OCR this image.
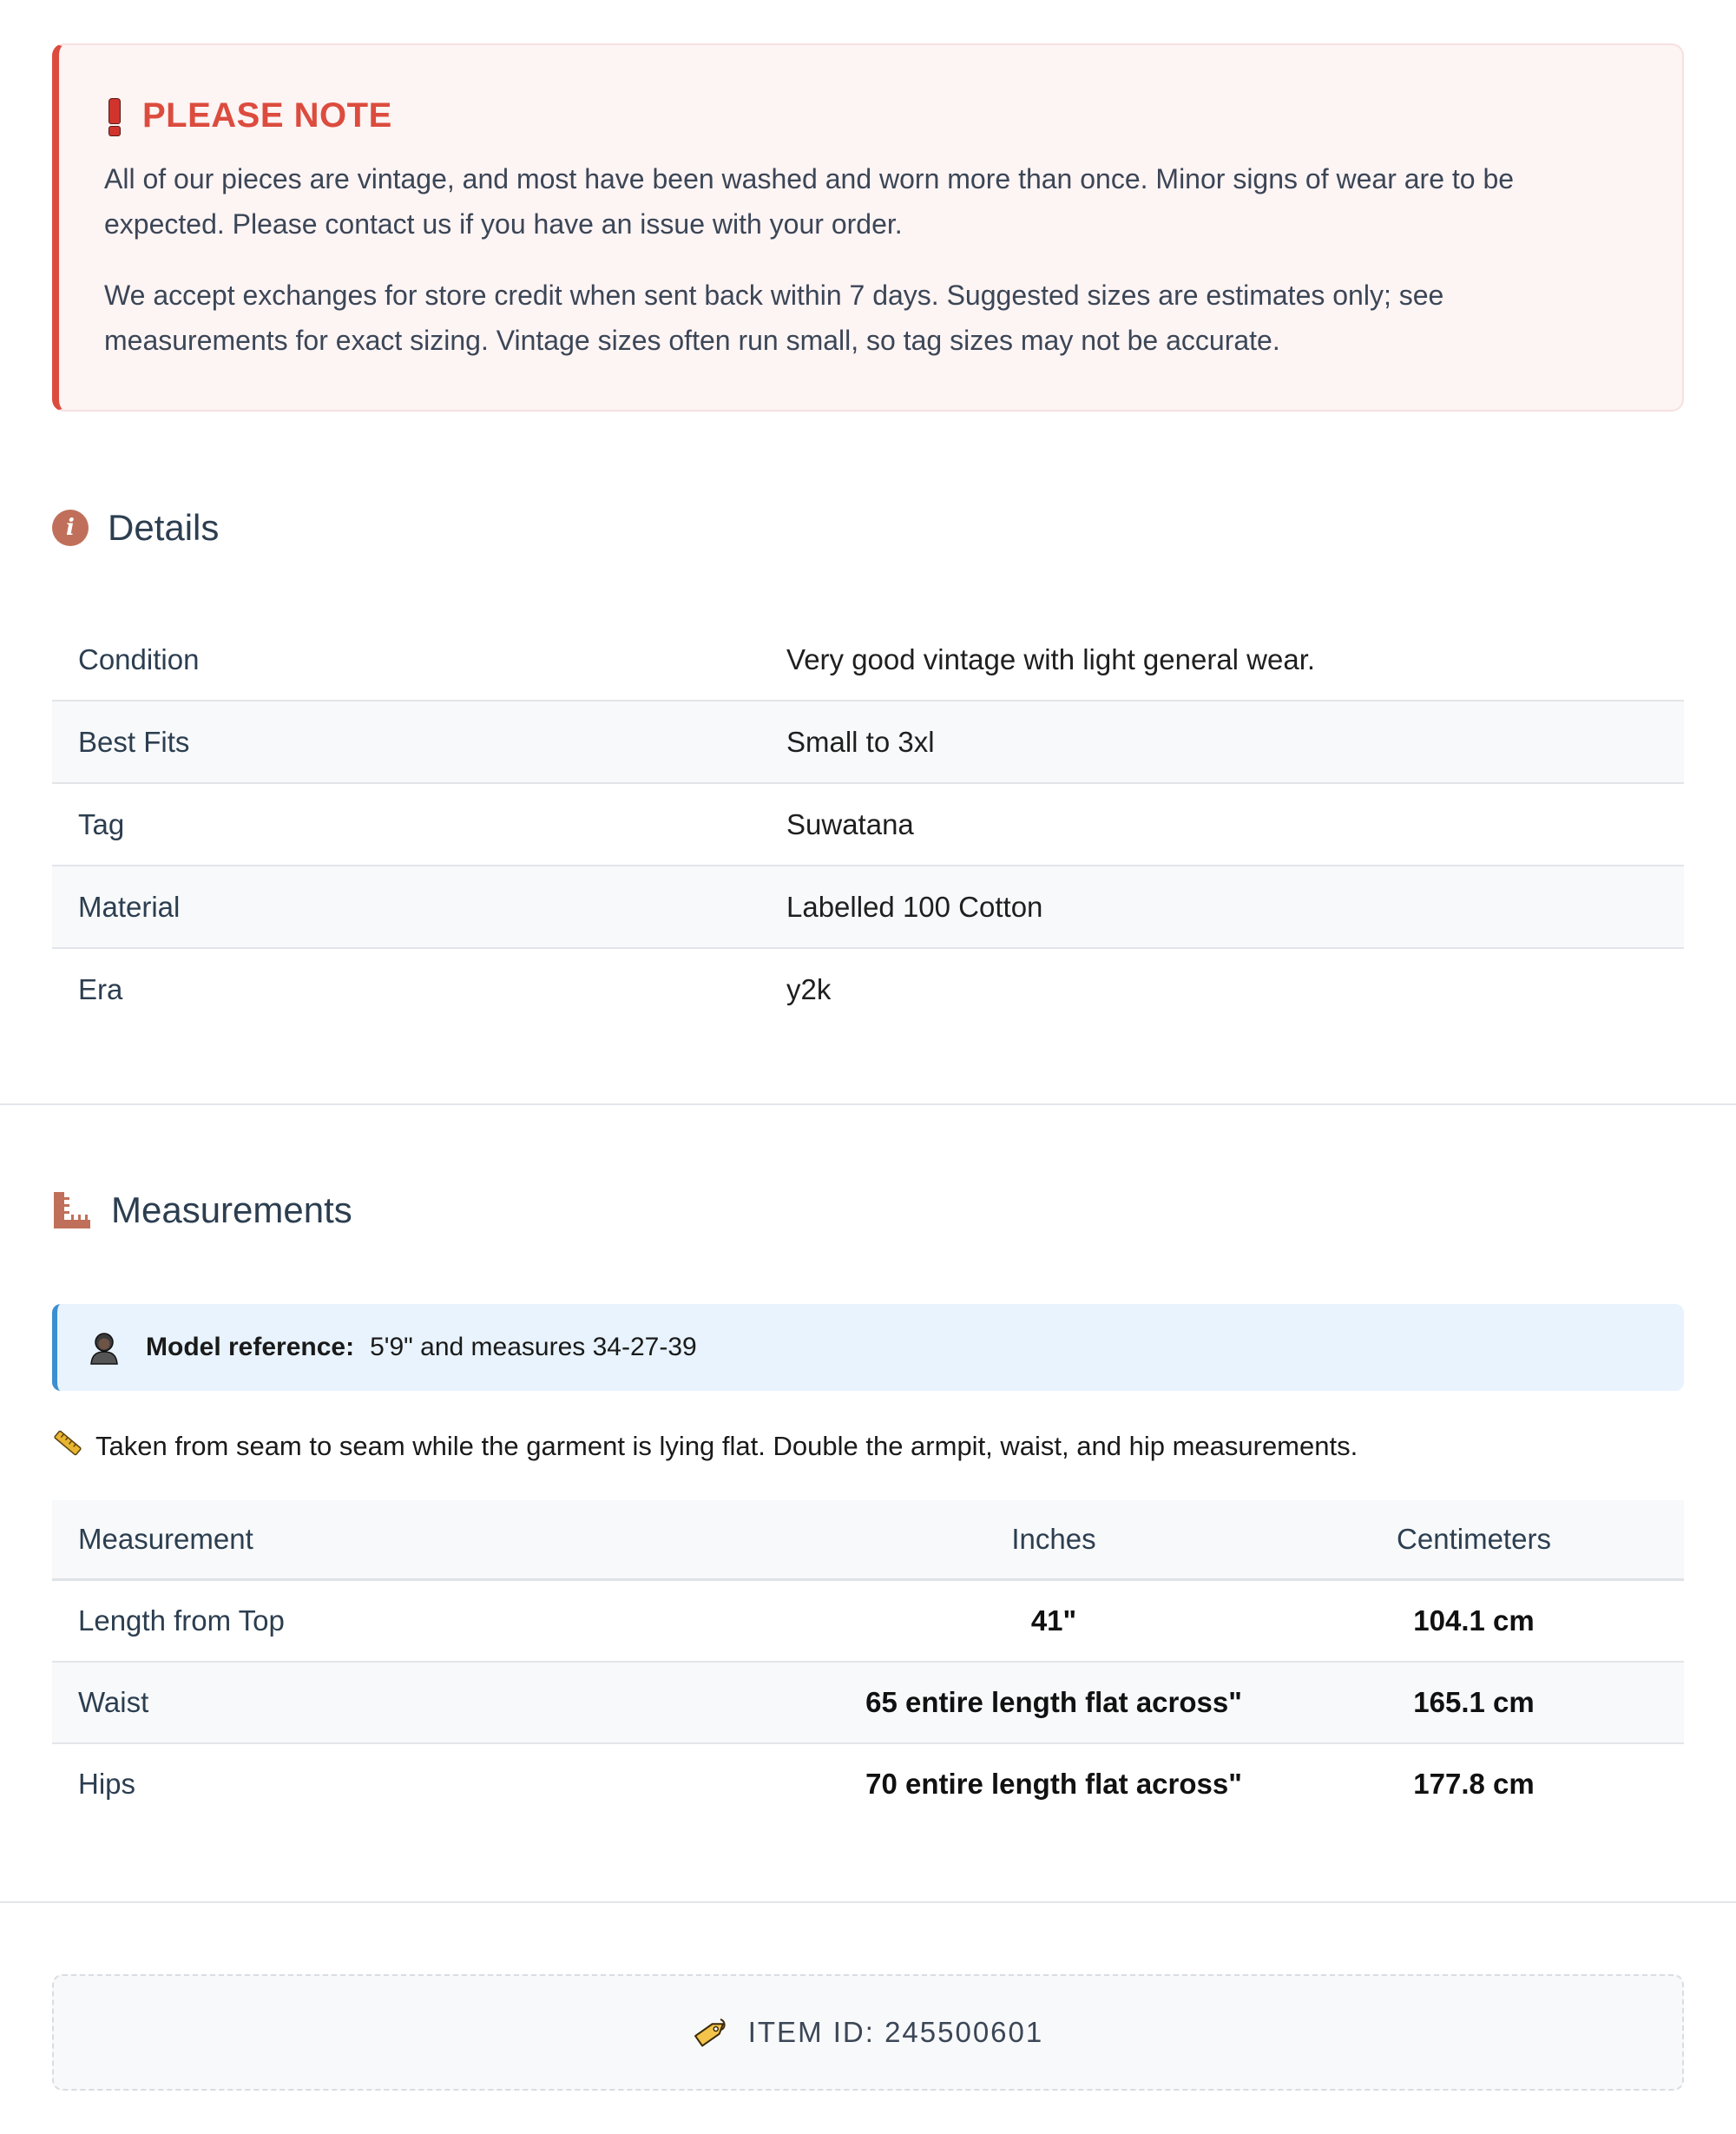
PLEASE NOTE

All of our pieces are vintage, and most have been washed and worn more than once. Minor signs of wear are to be expected. Please contact us if you have an issue with your order.

We accept exchanges for store credit when sent back within 7 days. Suggested sizes are estimates only; see measurements for exact sizing. Vintage sizes often run small, so tag sizes may not be accurate.

i Details
Condition	Very good vintage with light general wear.
Best Fits	Small to 3xl
Tag	Suwatana
Material	Labelled 100 Cotton
Era	y2k
Measurements
Model reference: 5'9" and measures 34-27-39
Taken from seam to seam while the garment is lying flat. Double the armpit, waist, and hip measurements.
Measurement	Inches	Centimeters
Length from Top	41"	104.1 cm
Waist	65 entire length flat across"	165.1 cm
Hips	70 entire length flat across"	177.8 cm
ITEM ID: 245500601
